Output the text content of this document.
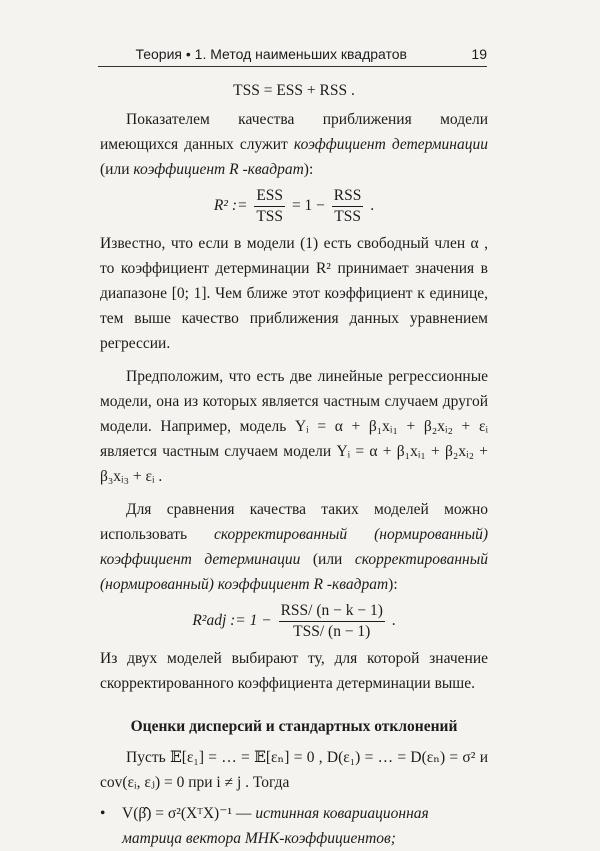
Теория • 1. Метод наименьших квадратов	19

TSS = ESS + RSS .

Показателем качества приближения модели имеющихся данных служит коэффициент детерминации (или коэффициент R -квадрат):

R² := $\frac{\text{ESS}}{\text{TSS}} = 1 - \frac{\text{RSS}}{\text{TSS}}$ .

Известно, что если в модели (1) есть свободный член α , то коэффициент детерминации R² принимает значения в диапазоне [0; 1]. Чем ближе этот коэффициент к единице, тем выше качество приближения данных уравнением регрессии.

Предположим, что есть две линейные регрессионные модели, она из которых является частным случаем другой модели. Например, модель Yᵢ = α + β₁xᵢ₁ + β₂xᵢ₂ + εᵢ является частным случаем модели Yᵢ = α + β₁xᵢ₁ + β₂xᵢ₂ + β₃xᵢ₃ + εᵢ .

Для сравнения качества таких моделей можно использовать скорректированный (нормированный) коэффициент детерминации (или скорректированный (нормированный) коэффициент R -квадрат):

R²adj := $1 - \frac{\text{RSS/ (n − k − 1)}}{\text{TSS/ (n − 1)}}$ .

Из двух моделей выбирают ту, для которой значение скорректированного коэффициента детерминации выше.

Оценки дисперсий и стандартных отклонений

Пусть 𝔼[ε₁] = … = 𝔼[εₙ] = 0 , D(ε₁) = … = D(εₙ) = σ² и cov(εᵢ, εⱼ) = 0 при i ≠ j . Тогда

• V(β̂) = σ²(XᵀX)⁻¹ — истинная ковариационная матрица вектора МНК-коэффициентов;
